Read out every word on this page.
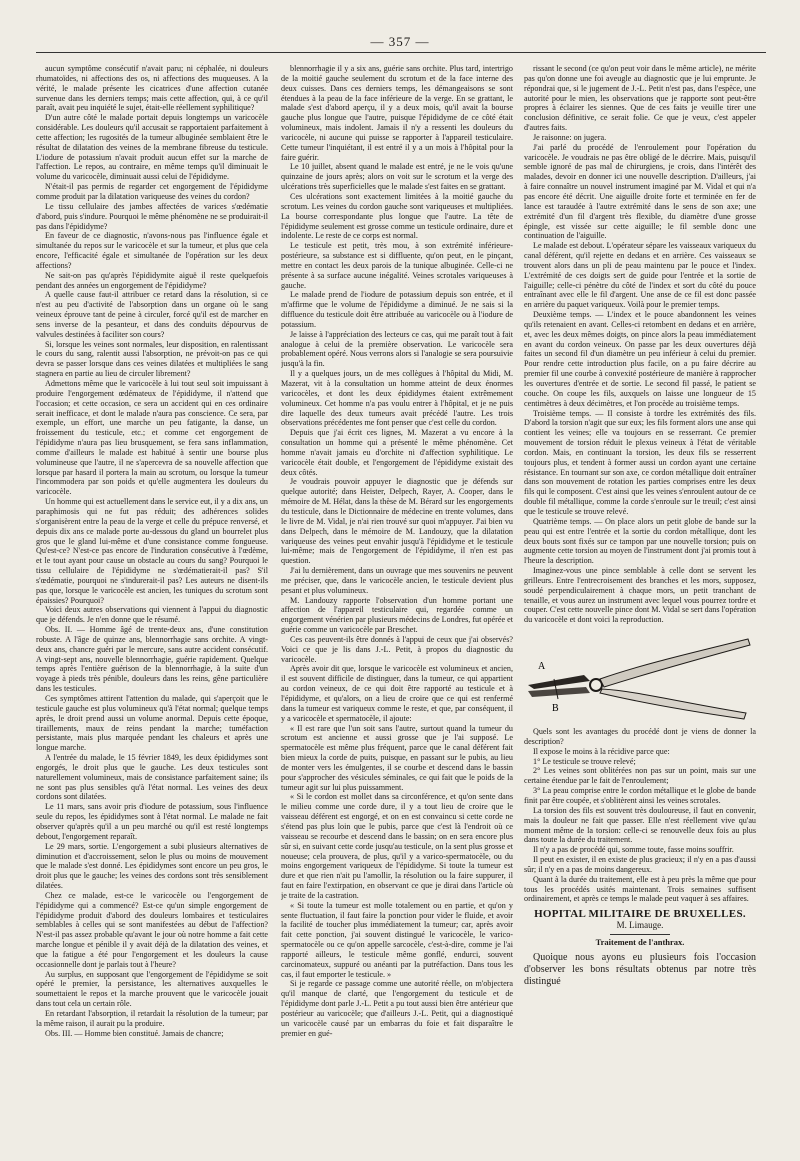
— 357 —

aucun symptôme consécutif n'avait paru; ni céphalée, ni douleurs rhumatoïdes, ni affections des os, ni affections des muqueuses. A la vérité, le malade présente les cicatrices d'une affection cutanée survenue dans les derniers temps; mais cette affection, qui, à ce qu'il paraît, avait peu inquiété le sujet, était-elle réellement syphilitique?

D'un autre côté le malade portait depuis longtemps un varicocèle considérable. Les douleurs qu'il accusait se rapportaient parfaitement à cette affection; les rugosités de la tumeur albuginée semblaient être le résultat de dilatation des veines de la membrane fibreuse du testicule. L'iodure de potassium n'avait produit aucun effet sur la marche de l'affection. Le repos, au contraire, en même temps qu'il diminuait le volume du varicocèle, diminuait aussi celui de l'épididyme.

N'était-il pas permis de regarder cet engorgement de l'épididyme comme produit par la dilatation variqueuse des veines du cordon?

Le tissu cellulaire des jambes affectées de varices s'œdématie d'abord, puis s'indure. Pourquoi le même phénomène ne se produirait-il pas dans l'épididyme?

En faveur de ce diagnostic, n'avons-nous pas l'influence égale et simultanée du repos sur le varicocèle et sur la tumeur, et plus que cela encore, l'efficacité égale et simultanée de l'opération sur les deux affections?

Ne sait-on pas qu'après l'épididymite aiguë il reste quelquefois pendant des années un engorgement de l'épididyme?

A quelle cause faut-il attribuer ce retard dans la résolution, si ce n'est au peu d'activité de l'absorption dans un organe où le sang veineux éprouve tant de peine à circuler, forcé qu'il est de marcher en sens inverse de la pesanteur, et dans des conduits dépourvus de valvules destinées à faciliter son cours?

Si, lorsque les veines sont normales, leur disposition, en ralentissant le cours du sang, ralentit aussi l'absorption, ne prévoit-on pas ce qui devra se passer lorsque dans ces veines dilatées et multipliées le sang stagnera en partie au lieu de circuler librement?

Admettons même que le varicocèle à lui tout seul soit impuissant à produire l'engorgement œdémateux de l'épididyme, il n'attend que l'occasion; et cette occasion, ce sera un accident qui en ces ordinaire serait inefficace, et dont le malade n'aura pas conscience. Ce sera, par exemple, un effort, une marche un peu fatigante, la danse, un froissement du testicule, etc.; et comme cet engorgement de l'épididyme n'aura pas lieu brusquement, se fera sans inflammation, comme d'ailleurs le malade est habitué à sentir une bourse plus volumineuse que l'autre, il ne s'apercevra de sa nouvelle affection que lorsque par hasard il portera la main au scrotum, ou lorsque la tumeur l'incommodera par son poids et qu'elle augmentera les douleurs du varicocèle.

Un homme qui est actuellement dans le service eut, il y a dix ans, un paraphimosis qui ne fut pas réduit; des adhérences solides s'organisèrent entre la peau de la verge et celle du prépuce renversé, et depuis dix ans ce malade porte au-dessous du gland un bourrelet plus gros que le gland lui-même et d'une consistance comme fongueuse. Qu'est-ce? N'est-ce pas encore de l'induration consécutive à l'œdème, et le tout ayant pour cause un obstacle au cours du sang? Pourquoi le tissu cellulaire de l'épididyme ne s'œdématierait-il pas? S'il s'œdématie, pourquoi ne s'indurerait-il pas? Les auteurs ne disent-ils pas que, lorsque le varicocèle est ancien, les tuniques du scrotum sont épaissies? Pourquoi?

Voici deux autres observations qui viennent à l'appui du diagnostic que je défends. Je n'en donne que le résumé.

Obs. II. — Homme âgé de trente-deux ans, d'une constitution robuste. A l'âge de quinze ans, blennorrhagie sans orchite. A vingt-deux ans, chancre guéri par le mercure, sans autre accident consécutif. A vingt-sept ans, nouvelle blennorrhagie, guérie rapidement. Quelque temps après l'entière guérison de la blennorrhagie, à la suite d'un voyage à pieds très pénible, douleurs dans les reins, gêne particulière dans les testicules.

Ces symptômes attirent l'attention du malade, qui s'aperçoit que le testicule gauche est plus volumineux qu'à l'état normal; quelque temps après, le droit prend aussi un volume anormal. Depuis cette époque, tiraillements, maux de reins pendant la marche; tuméfaction persistante, mais plus marquée pendant les chaleurs et après une longue marche.

A l'entrée du malade, le 15 février 1849, les deux épididymes sont engorgés, le droit plus que le gauche. Les deux testicules sont naturellement volumineux, mais de consistance parfaitement saine; ils ne sont pas plus sensibles qu'à l'état normal. Les veines des deux cordons sont dilatées.

Le 11 mars, sans avoir pris d'iodure de potassium, sous l'influence seule du repos, les épididymes sont à l'état normal. Le malade ne fait observer qu'après qu'il a un peu marché ou qu'il est resté longtemps debout, l'engorgement reparaît.

Le 29 mars, sortie. L'engorgement a subi plusieurs alternatives de diminution et d'accroissement, selon le plus ou moins de mouvement que le malade s'est donné. Les épididymes sont encore un peu gros, le droit plus que le gauche; les veines des cordons sont très sensiblement dilatées.

Chez ce malade, est-ce le varicocèle ou l'engorgement de l'épididyme qui a commencé? Est-ce qu'un simple engorgement de l'épididyme produit d'abord des douleurs lombaires et testiculaires semblables à celles qui se sont manifestées au début de l'affection? N'est-il pas assez probable qu'avant le jour où notre homme a fait cette marche longue et pénible il y avait déjà de la dilatation des veines, et que la fatigue a été pour l'engorgement et les douleurs la cause occasionnelle dont je parlais tout à l'heure?

Au surplus, en supposant que l'engorgement de l'épididyme se soit opéré le premier, la persistance, les alternatives auxquelles le soumettaient le repos et la marche prouvent que le varicocèle jouait dans tout cela un certain rôle.

En retardant l'absorption, il retardait la résolution de la tumeur; par la même raison, il aurait pu la produire.

Obs. III. — Homme bien constitué. Jamais de chancre;

blennorrhagie il y a six ans, guérie sans orchite. Plus tard, intertrigo de la moitié gauche seulement du scrotum et de la face interne des deux cuisses. Dans ces derniers temps, les démangeaisons se sont étendues à la peau de la face inférieure de la verge. En se grattant, le malade s'est d'abord aperçu, il y a deux mois, qu'il avait la bourse gauche plus longue que l'autre, puisque l'épididyme de ce côté était volumineux, mais indolent. Jamais il n'y a ressenti les douleurs du varicocèle, ni aucune qui puisse se rapporter à l'appareil testiculaire. Cette tumeur l'inquiétant, il est entré il y a un mois à l'hôpital pour la faire guérir.

Le 10 juillet, absent quand le malade est entré, je ne le vois qu'une quinzaine de jours après; alors on voit sur le scrotum et la verge des ulcérations très superficielles que le malade s'est faites en se grattant.

Ces ulcérations sont exactement limitées à la moitié gauche du scrotum. Les veines du cordon gauche sont variqueuses et multipliées. La bourse correspondante plus longue que l'autre. La tête de l'épididyme seulement est grosse comme un testicule ordinaire, dure et indolente. Le reste de ce corps est normal.

Le testicule est petit, très mou, à son extrémité inférieure-postérieure, sa substance est si diffluente, qu'on peut, en le pinçant, mettre en contact les deux parois de la tunique albuginée. Celle-ci ne présente à sa surface aucune inégalité. Veines scrotales variqueuses à gauche.

Le malade prend de l'iodure de potassium depuis son entrée, et il m'affirme que le volume de l'épididyme a diminué. Je ne sais si la diffluence du testicule doit être attribuée au varicocèle ou à l'iodure de potassium.

Je laisse à l'appréciation des lecteurs ce cas, qui me paraît tout à fait analogue à celui de la première observation. Le varicocèle sera probablement opéré. Nous verrons alors si l'analogie se sera poursuivie jusqu'à la fin.

Il y a quelques jours, un de mes collègues à l'hôpital du Midi, M. Mazerat, vit à la consultation un homme atteint de deux énormes varicocèles, et dont les deux épididymes étaient extrêmement volumineux. Cet homme n'a pas voulu entrer à l'hôpital, et je ne puis dire laquelle des deux tumeurs avait précédé l'autre. Les trois observations précédentes me font penser que c'est celle du cordon.

Depuis que j'ai écrit ces lignes, M. Mazerat a vu encore à la consultation un homme qui a présenté le même phénomène. Cet homme n'avait jamais eu d'orchite ni d'affection syphilitique. Le varicocèle était double, et l'engorgement de l'épididyme existait des deux côtés.

Je voudrais pouvoir appuyer le diagnostic que je défends sur quelque autorité; dans Heister, Delpech, Rayer, A. Cooper, dans le mémoire de M. Hélat, dans la thèse de M. Bérard sur les engorgements du testicule, dans le Dictionnaire de médecine en trente volumes, dans le livre de M. Vidal, je n'ai rien trouvé sur quoi m'appuyer. J'ai bien vu dans Delpech, dans le mémoire de M. Landouzy, que la dilatation variqueuse des veines peut envahir jusqu'à l'épididyme et le testicule lui-même; mais de l'engorgement de l'épididyme, il n'en est pas question.

J'ai lu dernièrement, dans un ouvrage que mes souvenirs ne peuvent me préciser, que, dans le varicocèle ancien, le testicule devient plus pesant et plus volumineux.

M. Landouzy rapporte l'observation d'un homme portant une affection de l'appareil testiculaire qui, regardée comme un engorgement vénérien par plusieurs médecins de Londres, fut opérée et guérie comme un varicocèle par Breschet.

Ces cas peuvent-ils être donnés à l'appui de ceux que j'ai observés? Voici ce que je lis dans J.-L. Petit, à propos du diagnostic du varicocèle.

Après avoir dit que, lorsque le varicocèle est volumineux et ancien, il est souvent difficile de distinguer, dans la tumeur, ce qui appartient au cordon veineux, de ce qui doit être rapporté au testicule et à l'épididyme, et qu'alors, on a lieu de croire que ce qui est renfermé dans la tumeur est variqueux comme le reste, et que, par conséquent, il y a varicocèle et spermatocèle, il ajoute:

« Il est rare que l'un soit sans l'autre, surtout quand la tumeur du scrotum est ancienne et aussi grosse que je l'ai supposé. Le spermatocèle est même plus fréquent, parce que le canal déférent fait bien mieux la corde de puits, puisque, en passant sur le pubis, au lieu de monter vers les émulgentes, il se courbe et descend dans le bassin pour s'approcher des vésicules séminales, ce qui fait que le poids de la tumeur agit sur lui plus puissamment.

« Si le cordon est mollet dans sa circonférence, et qu'on sente dans le milieu comme une corde dure, il y a tout lieu de croire que le vaisseau déférent est engorgé, et on en est convaincu si cette corde ne s'étend pas plus loin que le pubis, parce que c'est là l'endroit où ce vaisseau se recourbe et descend dans le bassin; on en sera encore plus sûr si, en suivant cette corde jusqu'au testicule, on la sent plus grosse et noueuse; cela prouvera, de plus, qu'il y a varico-spermatocèle, ou du moins engorgement variqueux de l'épididyme. Si toute la tumeur est dure et que rien n'ait pu l'amollir, la résolution ou la faire suppurer, il faut en faire l'extirpation, en observant ce que je dirai dans l'article où je traite de la castration.

« Si toute la tumeur est molle totalement ou en partie, et qu'on y sente fluctuation, il faut faire la ponction pour vider le fluide, et avoir la facilité de toucher plus immédiatement la tumeur; car, après avoir fait cette ponction, j'ai souvent distingué le varicocèle, le varico-spermatocèle ou ce qu'on appelle sarcocèle, c'est-à-dire, comme je l'ai rapporté ailleurs, le testicule même gonflé, endurci, souvent carcinomateux, suppuré ou anéanti par la putréfaction. Dans tous les cas, il faut emporter le testicule. »

Si je regarde ce passage comme une autorité réelle, on m'objectera qu'il manque de clarté, que l'engorgement du testicule et de l'épididyme dont parle J.-L. Petit a pu tout aussi bien être antérieur que postérieur au varicocèle; que d'ailleurs J.-L. Petit, qui a diagnostiqué un varicocèle causé par un embarras du foie et fait disparaître le premier en gué-

rissant le second (ce qu'on peut voir dans le même article), ne mérite pas qu'on donne une foi aveugle au diagnostic que je lui emprunte. Je répondrai que, si le jugement de J.-L. Petit n'est pas, dans l'espèce, une autorité pour le mien, les observations que je rapporte sont peut-être propres à éclairer les siennes. Que de ces faits je veuille tirer une conclusion définitive, ce serait folie. Ce que je veux, c'est appeler d'autres faits.

Je raisonne: on jugera.

J'ai parlé du procédé de l'enroulement pour l'opération du varicocèle. Je voudrais ne pas être obligé de le décrire. Mais, puisqu'il semble ignoré de pas mal de chirurgiens, je crois, dans l'intérêt des malades, devoir en donner ici une nouvelle description. D'ailleurs, j'ai à faire connaître un nouvel instrument imaginé par M. Vidal et qui n'a pas encore été décrit. Une aiguille droite forte et terminée en fer de lance est taraudée à l'autre extrémité dans le sens de son axe; une extrémité d'un fil d'argent très flexible, du diamètre d'une grosse épingle, est vissée sur cette aiguille; le fil semble donc une continuation de l'aiguille.

Le malade est debout. L'opérateur sépare les vaisseaux variqueux du canal déférent, qu'il rejette en dedans et en arrière. Ces vaisseaux se trouvent alors dans un pli de peau maintenu par le pouce et l'index. L'extrémité de ces doigts sert de guide pour l'entrée et la sortie de l'aiguille; celle-ci pénètre du côté de l'index et sort du côté du pouce entraînant avec elle le fil d'argent. Une anse de ce fil est donc passée en arrière du paquet variqueux. Voilà pour le premier temps.

Deuxième temps. — L'index et le pouce abandonnent les veines qu'ils retenaient en avant. Celles-ci retombent en dedans et en arrière, et, avec les deux mêmes doigts, on pince alors la peau immédiatement en avant du cordon veineux. On passe par les deux ouvertures déjà faites un second fil d'un diamètre un peu inférieur à celui du premier. Pour rendre cette introduction plus facile, on a pu faire décrire au premier fil une courbe à convexité postérieure de manière à rapprocher les ouvertures d'entrée et de sortie. Le second fil passé, le patient se couche. On coupe les fils, auxquels on laisse une longueur de 15 centimètres à deux décimètres, et l'on procède au troisième temps.

Troisième temps. — Il consiste à tordre les extrémités des fils. D'abord la torsion n'agit que sur eux; les fils forment alors une anse qui contient les veines; elle va toujours en se resserrant. Ce premier mouvement de torsion réduit le plexus veineux à l'état de véritable cordon. Mais, en continuant la torsion, les deux fils se resserrent toujours plus, et tendent à former aussi un cordon ayant une certaine résistance. En tournant sur son axe, ce cordon métallique doit entraîner dans son mouvement de rotation les parties comprises entre les deux fils qui le composent. C'est ainsi que les veines s'enroulent autour de ce double fil métallique, comme la corde s'enroule sur le treuil; c'est ainsi que le testicule se trouve relevé.

Quatrième temps. — On place alors un petit globe de bande sur la peau qui est entre l'entrée et la sortie du cordon métallique, dont les deux bouts sont fixés sur ce tampon par une nouvelle torsion; puis on augmente cette torsion au moyen de l'instrument dont j'ai promis tout à l'heure la description.

Imaginez-vous une pince semblable à celle dont se servent les grilleurs. Entre l'entrecroisement des branches et les mors, supposez, soudé perpendiculairement à chaque mors, un petit tranchant de tenaille, et vous aurez un instrument avec lequel vous pourrez tordre et couper. C'est cette nouvelle pince dont M. Vidal se sert dans l'opération du varicocèle et dont voici la reproduction.

A
B

Quels sont les avantages du procédé dont je viens de donner la description?

Il expose le moins à la récidive parce que:

1° Le testicule se trouve relevé;

2° Les veines sont oblitérées non pas sur un point, mais sur une certaine étendue par le fait de l'enroulement;

3° La peau comprise entre le cordon métallique et le globe de bande finit par être coupée, et s'oblitèrent ainsi les veines scrotales.

La torsion des fils est souvent très douloureuse, il faut en convenir, mais la douleur ne fait que passer. Elle n'est réellement vive qu'au moment même de la torsion: celle-ci se renouvelle deux fois au plus dans toute la durée du traitement.

Il n'y a pas de procédé qui, somme toute, fasse moins souffrir.

Il peut en exister, il en existe de plus gracieux; il n'y en a pas d'aussi sûr; il n'y en a pas de moins dangereux.

Quant à la durée du traitement, elle est à peu près la même que pour tous les procédés usités maintenant. Trois semaines suffisent ordinairement, et après ce temps le malade peut vaquer à ses affaires.

HOPITAL MILITAIRE DE BRUXELLES.
M. Limauge.
Traitement de l'anthrax.

Quoique nous ayons eu plusieurs fois l'occasion d'observer les bons résultats obtenus par notre très distingué
